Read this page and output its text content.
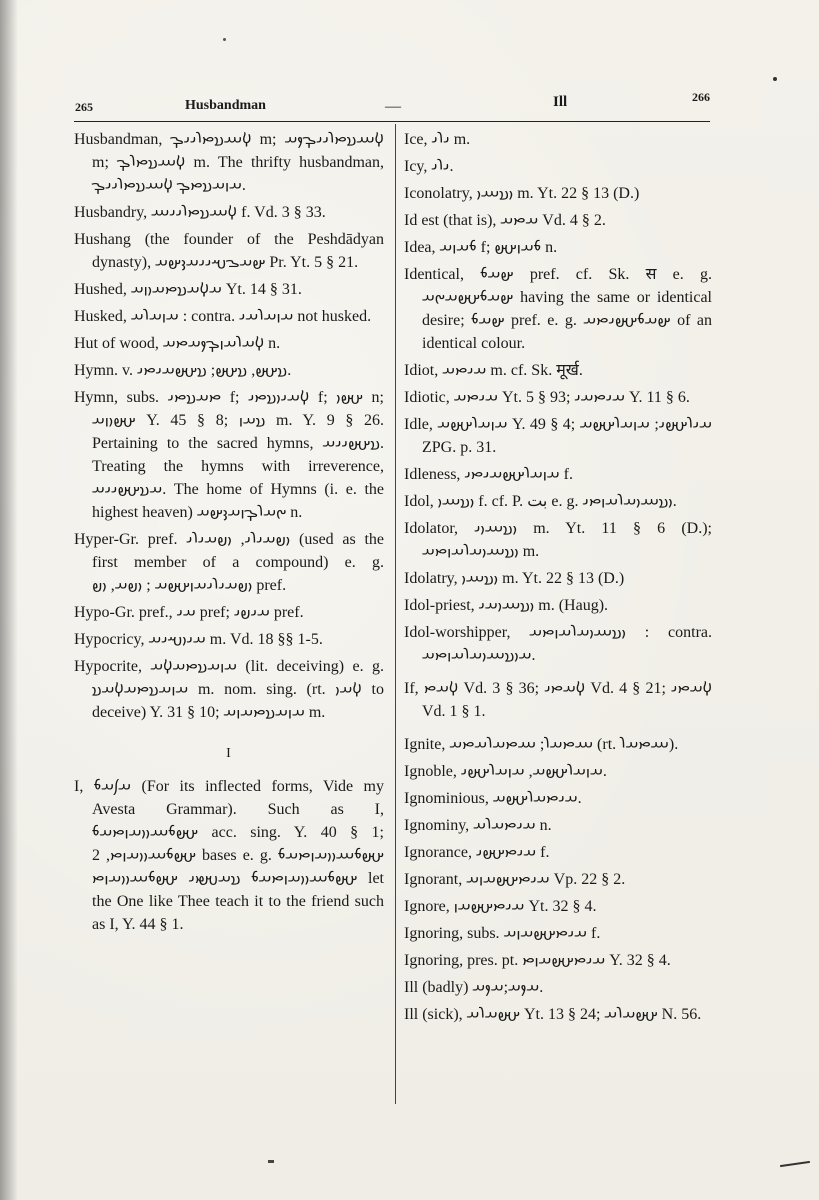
265	Husbandman	—	Ill	266

Husbandman, 𐬬𐬁𐬯𐬙𐬭𐬌𐬌𐬋 m; 𐬬𐬁𐬯𐬙𐬭𐬌𐬌𐬋𐬐𐬀 m; 𐬬𐬁𐬯𐬙𐬭𐬋 m. The thrifty husbandman, 𐬀𐬥𐬀𐬯𐬙𐬋 𐬬𐬁𐬯𐬙𐬭𐬌𐬌𐬋.

Husbandry, 𐬬𐬁𐬯𐬙𐬭𐬌𐬌𐬁 f. Vd. 3 § 33.

Hushang (the founder of the Peshdādyan dynasty), 𐬵𐬀𐬊𐬱𐬌𐬌𐬀𐬢𐬵𐬀 Pr. Yt. 5 § 21.

Hushed, 𐬀𐬬𐬀𐬯𐬙𐬀𐬎𐬥𐬀 Yt. 14 § 31.

Husked, 𐬀𐬥𐬀𐬭𐬀 : contra. 𐬀𐬥𐬀𐬭𐬀𐬌 not husked.

Hut of wood, 𐬬𐬀𐬭𐬀𐬥𐬋𐬐𐬀𐬙𐬀 n.

Hymn. v. 𐬯𐬀𐬵, 𐬯𐬀𐬵; 𐬯𐬀𐬵𐬀𐬌𐬙𐬌.

Hymn, subs. 𐬙𐬀𐬯𐬙𐬌 f; 𐬬𐬀𐬌𐬎𐬯𐬙𐬌 f; 𐬀𐬵𐬎 n; 𐬀𐬵𐬎𐬥𐬀 Y. 45 § 8; 𐬯𐬀𐬥 m. Y. 9 § 26. Pertaining to the sacred hymns, 𐬯𐬀𐬵𐬌𐬌𐬀. Treating the hymns with irreverence, 𐬀𐬯𐬀𐬵𐬌𐬌𐬀. The home of Hymns (i. e. the highest heaven) 𐬔𐬀𐬭𐬋𐬥𐬀𐬢𐬵𐬀 n.

Hyper-Gr. pref. 𐬎𐬞𐬀𐬌𐬭𐬌, 𐬎𐬞𐬀𐬌𐬭𐬌 (used as the first member of a compound) e. g. 𐬎𐬞𐬀𐬌𐬭𐬌𐬀𐬥𐬀𐬵𐬀 ; 𐬎𐬞𐬀, 𐬎𐬞 pref.

Hypo-Gr. pref., 𐬀𐬌 pref; 𐬀𐬌𐬞𐬌 pref.

Hypocricy, 𐬀𐬌𐬎𐬱𐬌𐬀 m. Vd. 18 §§ 1-5.

Hypocrite, 𐬀𐬥𐬀𐬯𐬙𐬀𐬬𐬀 (lit. deceiving) e. g. 𐬀𐬥𐬀𐬯𐬙𐬀𐬬𐬀𐬯 m. nom. sing. (rt. 𐬬𐬀𐬎 to deceive) Y. 31 § 10; 𐬀𐬥𐬀𐬯𐬙𐬀𐬥𐬀 m.

I

I, 𐬀𐬰𐬀𐬨 (For its inflected forms, Vide my Avesta Grammar). Such as I, 𐬀𐬵𐬨𐬁𐬎𐬎𐬀𐬥𐬙𐬀𐬨 acc. sing. Y. 40 § 1; 𐬀𐬵𐬨𐬁𐬎𐬎𐬀𐬥𐬙, 2 bases e. g. 𐬀𐬵𐬨𐬁𐬎𐬎𐬀𐬥𐬙𐬀𐬨 𐬀𐬵𐬨𐬁𐬎𐬎𐬀𐬥𐬙𐬀𐬨 𐬯𐬀𐬱𐬙𐬌 𐬀𐬵𐬨𐬁𐬎𐬎𐬀𐬥𐬙 let the One like Thee teach it to the friend such as I, Y. 44 § 1.

Ice, 𐬌𐬭𐬌 m.

Icy, 𐬌𐬭𐬌.

Iconolatry, 𐬎𐬯𐬁𐬎 m. Yt. 22 § 13 (D.)

Id est (that is), 𐬀𐬙𐬀 Vd. 4 § 2.

Idea, 𐬨𐬀𐬥𐬀 f; 𐬨𐬀𐬥𐬀𐬵 n.

Identical, 𐬵𐬀𐬨 pref. cf. Sk. स e. g. 𐬵𐬀𐬨𐬀𐬵𐬀𐬔𐬀 having the same or identical desire; 𐬵𐬀𐬨 pref. e. g. 𐬵𐬀𐬨𐬀𐬵𐬌𐬙𐬀 of an identical colour.

Idiot, 𐬀𐬌𐬙𐬀 m. cf. Sk. मूर्ख.

Idiotic, 𐬀𐬌𐬙𐬀 Yt. 5 § 93; 𐬀𐬌𐬙𐬀𐬌 Y. 11 § 6.

Idle, 𐬀𐬥𐬀𐬭𐬀𐬵𐬀 Y. 49 § 4; 𐬀𐬌𐬭𐬀𐬵𐬌; 𐬀𐬥𐬀𐬭𐬀𐬵𐬀 ZPG. p. 31.

Idleness, 𐬀𐬥𐬀𐬭𐬀𐬵𐬀𐬌𐬙𐬌 f.

Idol, 𐬎𐬯𐬁𐬎 f. cf. P. بت e. g. 𐬎𐬯𐬁𐬎𐬀𐬭𐬀𐬥𐬙𐬌.

Idolator, 𐬎𐬯𐬁𐬎𐬌 m. Yt. 11 § 6 (D.); 𐬎𐬯𐬁𐬎𐬀𐬭𐬀𐬥𐬙𐬀 m.

Idolatry, 𐬎𐬯𐬁𐬎 m. Yt. 22 § 13 (D.)

Idol-priest, 𐬎𐬯𐬁𐬎𐬀𐬌 m. (Haug).

Idol-worshipper, 𐬎𐬯𐬁𐬎𐬀𐬭𐬀𐬥𐬙𐬀 : contra. 𐬀𐬎𐬯𐬁𐬎𐬀𐬭𐬀𐬥𐬙𐬀.

If, 𐬬𐬀𐬙 Vd. 3 § 36; 𐬬𐬀𐬙𐬌 Vd. 4 § 21; 𐬬𐬀𐬙𐬌 Vd. 1 § 1.

Ignite, 𐬁𐬙𐬀𐬭; 𐬁𐬙𐬀𐬭𐬀𐬙𐬀 (rt. 𐬁𐬙𐬀𐬭).

Ignoble, 𐬀𐬥𐬀𐬭𐬀𐬵𐬀, 𐬀𐬥𐬀𐬭𐬀𐬵𐬌.

Ignominious, 𐬀𐬌𐬙𐬀𐬭𐬀𐬵𐬀.

Ignominy, 𐬀𐬌𐬙𐬀𐬭𐬀 n.

Ignorance, 𐬀𐬌𐬙𐬀𐬵𐬌 f.

Ignorant, 𐬀𐬌𐬙𐬀𐬵𐬀𐬥𐬀 Vp. 22 § 2.

Ignore, 𐬀𐬌𐬙𐬀𐬵𐬀𐬥 Yt. 32 § 4.

Ignoring, subs. 𐬀𐬌𐬙𐬀𐬵𐬀𐬥𐬀 f.

Ignoring, pres. pt. 𐬀𐬌𐬙𐬀𐬵𐬀𐬥𐬙 Y. 32 § 4.

Ill (badly) 𐬀𐬐𐬀;𐬀𐬐𐬀.

Ill (sick), 𐬀𐬵𐬀𐬭𐬀 Yt. 13 § 24; 𐬀𐬵𐬀𐬭𐬀 N. 56.
